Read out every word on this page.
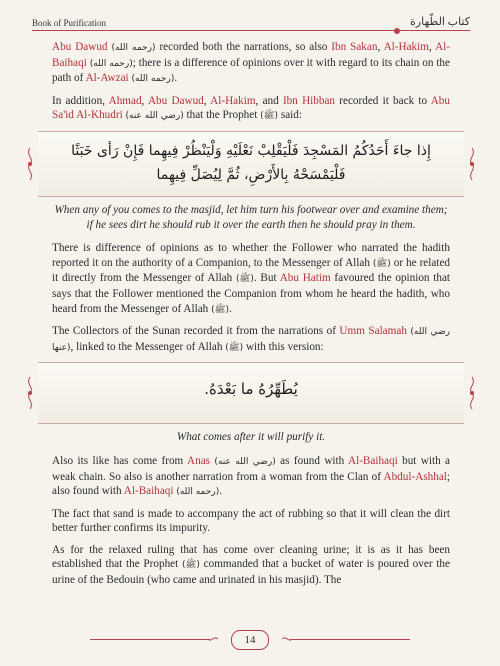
Book of Purification	كتاب الطّهارة

Abu Dawud (رحمه الله) recorded both the narrations, so also Ibn Sakan, Al-Hakim, Al-Baihaqi (رحمه الله); there is a difference of opinions over it with regard to its chain on the path of Al-Awzai (رحمه الله).

In addition, Ahmad, Abu Dawud, Al-Hakim, and Ibn Hibban recorded it back to Abu Sa'id Al-Khudri (رضي الله عنه) that the Prophet (ﷺ) said:

إِذا جاءَ أَحَدُكُمُ المَسْجِدَ فَلْيَقْلِبْ نَعْلَيْهِ وَلْيَنْظُرْ فِيهِما فَإِنْ رَأى خَبَثًا
فَلْيَمْسَحْهُ بِالأَرْضِ، ثُمَّ لِيُصَلِّ فِيهِما

When any of you comes to the masjid, let him turn his footwear over and examine them; if he sees dirt he should rub it over the earth then he should pray in them.

There is difference of opinions as to whether the Follower who narrated the hadith reported it on the authority of a Companion, to the Messenger of Allah (ﷺ) or he related it directly from the Messenger of Allah (ﷺ). But Abu Hatim favoured the opinion that says that the Follower mentioned the Companion from whom he heard the hadith, who heard from the Messenger of Allah (ﷺ).

The Collectors of the Sunan recorded it from the narrations of Umm Salamah (رضي الله عنها), linked to the Messenger of Allah (ﷺ) with this version:

يُطَهِّرُهُ ما بَعْدَهُ.

What comes after it will purify it.

Also its like has come from Anas (رضي الله عنه) as found with Al-Baihaqi but with a weak chain. So also is another narration from a woman from the Clan of Abdul-Ashhal; also found with Al-Baihaqi (رحمه الله).

The fact that sand is made to accompany the act of rubbing so that it will clean the dirt better further confirms its impurity.

As for the relaxed ruling that has come over cleaning urine; it is as it has been established that the Prophet (ﷺ) commanded that a bucket of water is poured over the urine of the Bedouin (who came and urinated in his masjid). The

14
